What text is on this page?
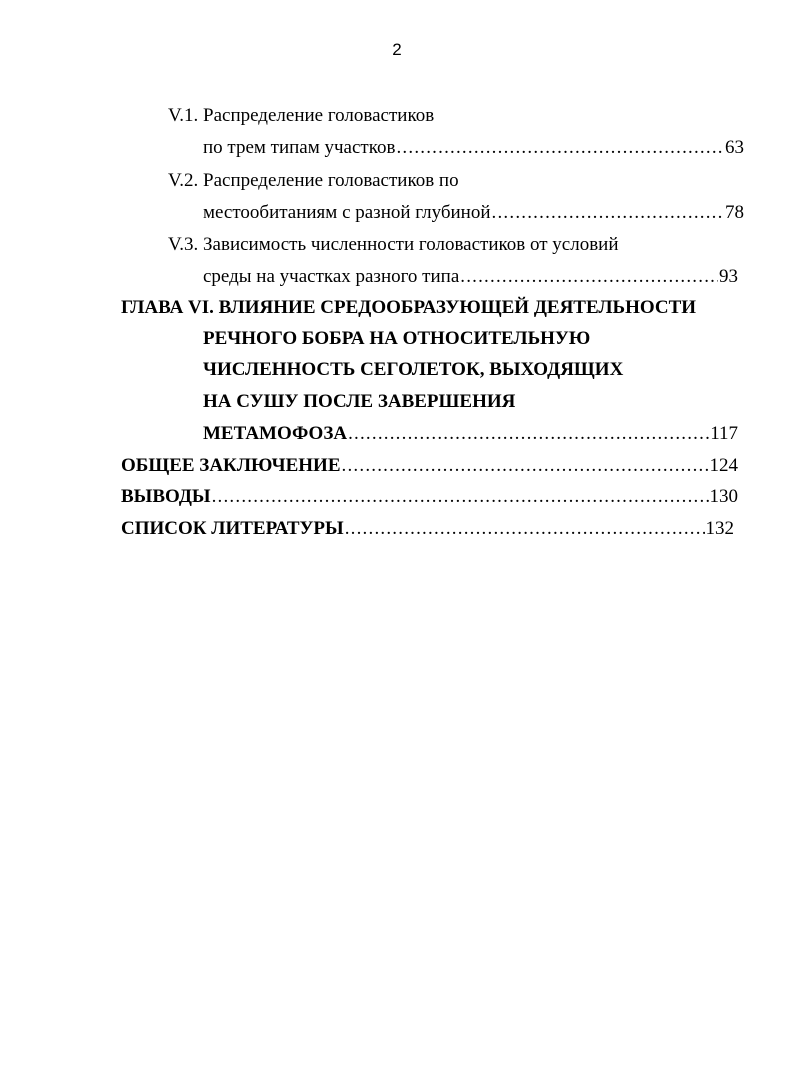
2
V.1. Распределение головастиков
по трем типам участков .....	63
V.2. Распределение головастиков по
местообитаниям с разной глубиной .....	78
V.3. Зависимость численности головастиков от условий
среды на участках разного типа .....	93
ГЛАВА VI. ВЛИЯНИЕ СРЕДООБРАЗУЮЩЕЙ ДЕЯТЕЛЬНОСТИ
РЕЧНОГО БОБРА НА ОТНОСИТЕЛЬНУЮ
ЧИСЛЕННОСТЬ СЕГОЛЕТОК, ВЫХОДЯЩИХ
НА СУШУ ПОСЛЕ ЗАВЕРШЕНИЯ
МЕТАМОФОЗА .....	117
ОБЩЕЕ ЗАКЛЮЧЕНИЕ .....	124
ВЫВОДЫ .....	130
СПИСОК ЛИТЕРАТУРЫ .....	132
